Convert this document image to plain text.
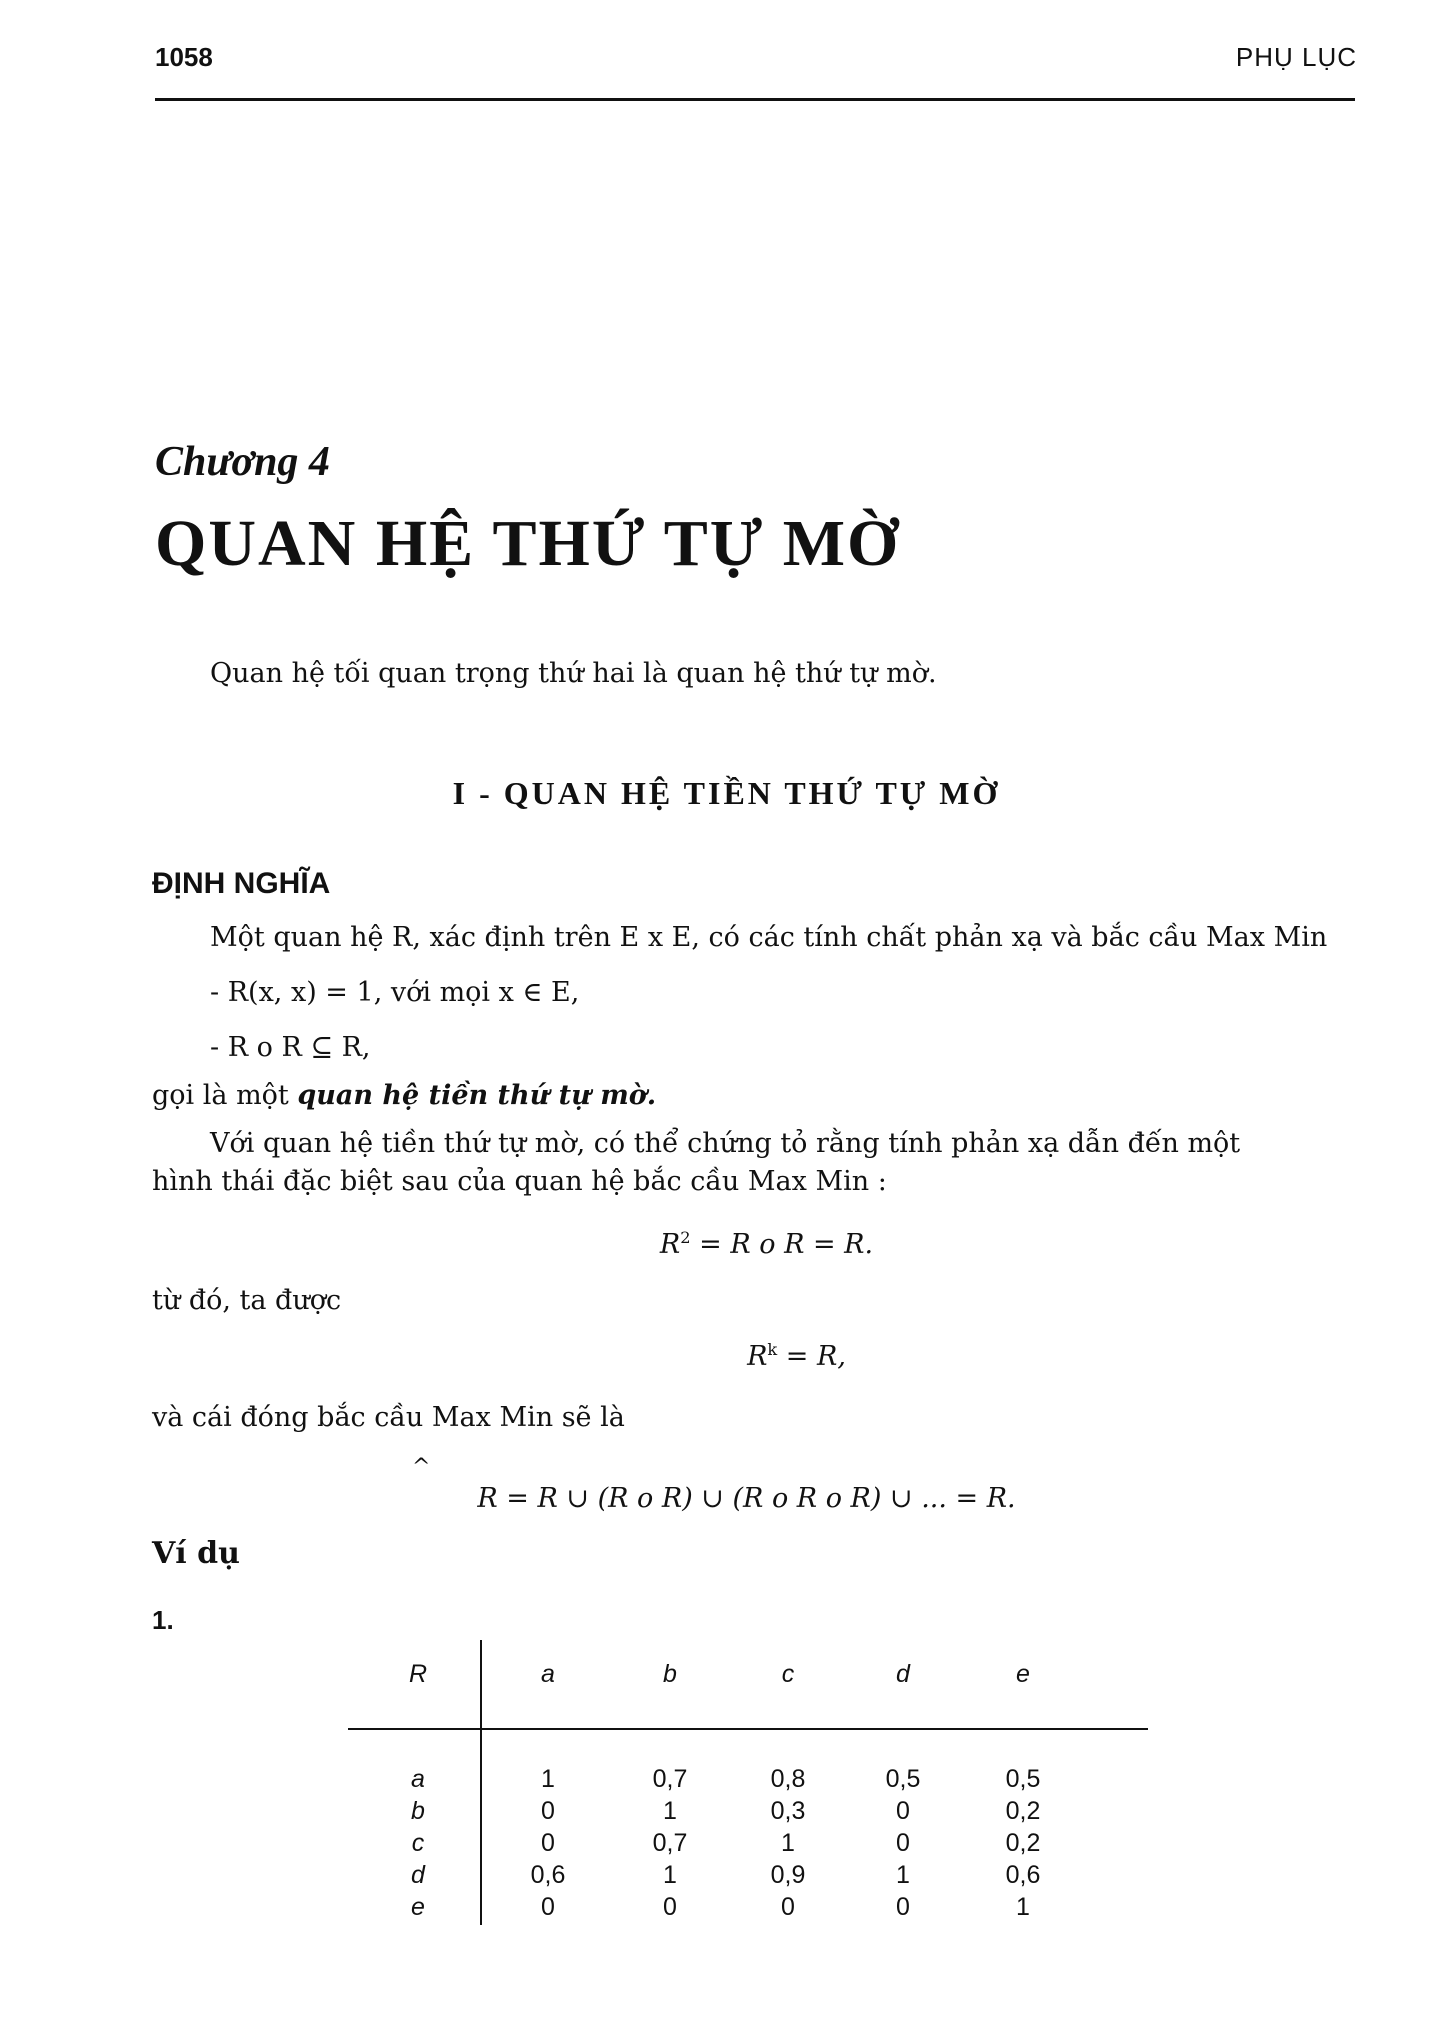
1058	PHỤ LỤC
Chương 4
QUAN HỆ THỨ TỰ MỜ
Quan hệ tối quan trọng thứ hai là quan hệ thứ tự mờ.
I - QUAN HỆ TIỀN THỨ TỰ MỜ
ĐỊNH NGHĨA
Một quan hệ R, xác định trên E x E, có các tính chất phản xạ và bắc cầu Max Min
- R(x, x) = 1, với mọi x ∈ E,
- R o R ⊆ R,
gọi là một quan hệ tiền thứ tự mờ.
Với quan hệ tiền thứ tự mờ, có thể chứng tỏ rằng tính phản xạ dẫn đến một
hình thái đặc biệt sau của quan hệ bắc cầu Max Min :
$R^2 = R$ o R = R.
từ đó, ta được
$R^k = R$,
và cái đóng bắc cầu Max Min sẽ là
^
R = R ∪ (R o R) ∪ (R o R o R) ∪ ... = R.
Ví dụ
1.
R	a	b	c	d	e
a	1	0,7	0,8	0,5	0,5
b	0	1	0,3	0	0,2
c	0	0,7	1	0	0,2
d	0,6	1	0,9	1	0,6
e	0	0	0	0	1
